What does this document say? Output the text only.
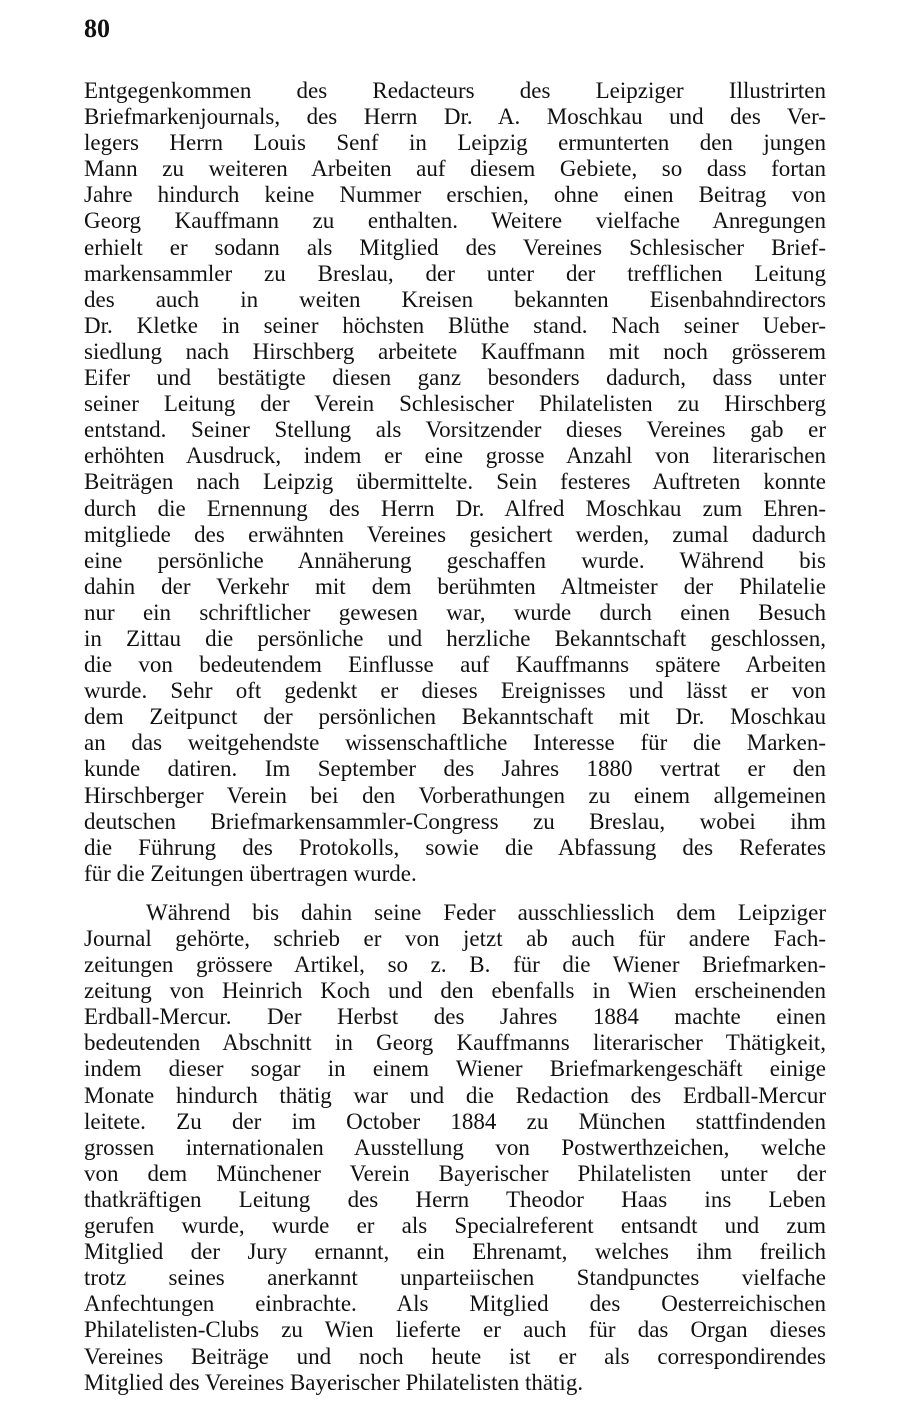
80
Entgegenkommen des Redacteurs des Leipziger Illustrirten
Briefmarkenjournals, des Herrn Dr. A. Moschkau und des Ver-
legers Herrn Louis Senf in Leipzig ermunterten den jungen
Mann zu weiteren Arbeiten auf diesem Gebiete, so dass fortan
Jahre hindurch keine Nummer erschien, ohne einen Beitrag von
Georg Kauffmann zu enthalten. Weitere vielfache Anregungen
erhielt er sodann als Mitglied des Vereines Schlesischer Brief-
markensammler zu Breslau, der unter der trefflichen Leitung
des auch in weiten Kreisen bekannten Eisenbahndirectors
Dr. Kletke in seiner höchsten Blüthe stand. Nach seiner Ueber-
siedlung nach Hirschberg arbeitete Kauffmann mit noch grösserem
Eifer und bestätigte diesen ganz besonders dadurch, dass unter
seiner Leitung der Verein Schlesischer Philatelisten zu Hirschberg
entstand. Seiner Stellung als Vorsitzender dieses Vereines gab er
erhöhten Ausdruck, indem er eine grosse Anzahl von literarischen
Beiträgen nach Leipzig übermittelte. Sein festeres Auftreten konnte
durch die Ernennung des Herrn Dr. Alfred Moschkau zum Ehren-
mitgliede des erwähnten Vereines gesichert werden, zumal dadurch
eine persönliche Annäherung geschaffen wurde. Während bis
dahin der Verkehr mit dem berühmten Altmeister der Philatelie
nur ein schriftlicher gewesen war, wurde durch einen Besuch
in Zittau die persönliche und herzliche Bekanntschaft geschlossen,
die von bedeutendem Einflusse auf Kauffmanns spätere Arbeiten
wurde. Sehr oft gedenkt er dieses Ereignisses und lässt er von
dem Zeitpunct der persönlichen Bekanntschaft mit Dr. Moschkau
an das weitgehendste wissenschaftliche Interesse für die Marken-
kunde datiren. Im September des Jahres 1880 vertrat er den
Hirschberger Verein bei den Vorberathungen zu einem allgemeinen
deutschen Briefmarkensammler-Congress zu Breslau, wobei ihm
die Führung des Protokolls, sowie die Abfassung des Referates
für die Zeitungen übertragen wurde.
Während bis dahin seine Feder ausschliesslich dem Leipziger
Journal gehörte, schrieb er von jetzt ab auch für andere Fach-
zeitungen grössere Artikel, so z. B. für die Wiener Briefmarken-
zeitung von Heinrich Koch und den ebenfalls in Wien erscheinenden
Erdball-Mercur. Der Herbst des Jahres 1884 machte einen
bedeutenden Abschnitt in Georg Kauffmanns literarischer Thätigkeit,
indem dieser sogar in einem Wiener Briefmarkengeschäft einige
Monate hindurch thätig war und die Redaction des Erdball-Mercur
leitete. Zu der im October 1884 zu München stattfindenden
grossen internationalen Ausstellung von Postwerthzeichen, welche
von dem Münchener Verein Bayerischer Philatelisten unter der
thatkräftigen Leitung des Herrn Theodor Haas ins Leben
gerufen wurde, wurde er als Specialreferent entsandt und zum
Mitglied der Jury ernannt, ein Ehrenamt, welches ihm freilich
trotz seines anerkannt unparteiischen Standpunctes vielfache
Anfechtungen einbrachte. Als Mitglied des Oesterreichischen
Philatelisten-Clubs zu Wien lieferte er auch für das Organ dieses
Vereines Beiträge und noch heute ist er als correspondirendes
Mitglied des Vereines Bayerischer Philatelisten thätig.
